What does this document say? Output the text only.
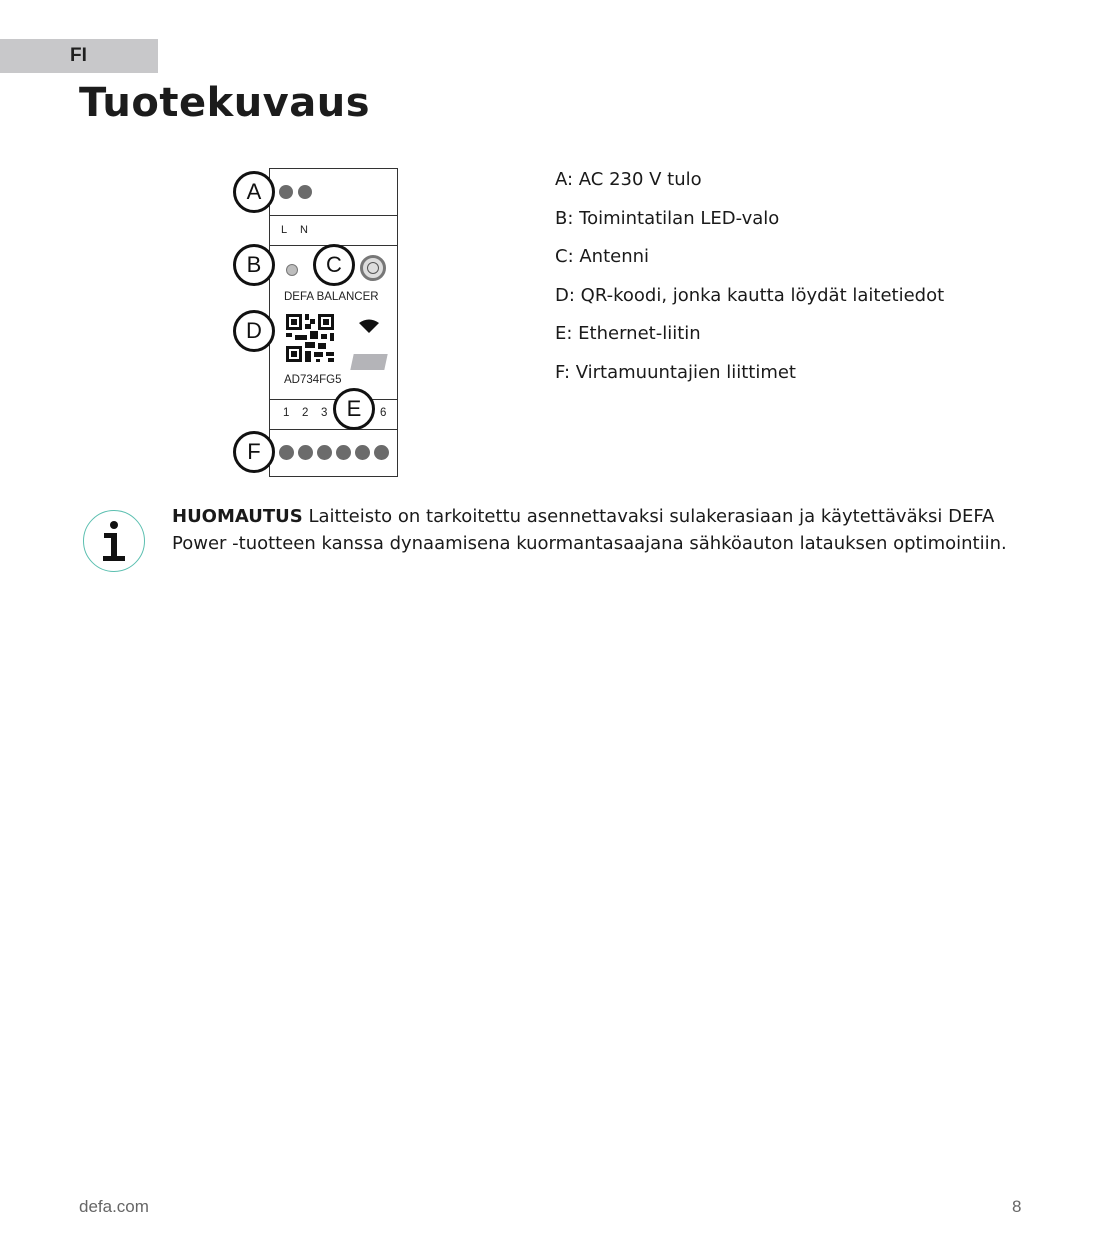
FI
Tuotekuvaus
L N
DEFA BALANCER
AD734FG5
1 2 3	6
A
B	C
D
E
F
A: AC 230 V tulo
B: Toimintatilan LED-valo
C: Antenni
D: QR-koodi, jonka kautta löydät laitetiedot
E: Ethernet-liitin
F: Virtamuuntajien liittimet
HUOMAUTUS Laitteisto on tarkoitettu asennettavaksi sulakerasiaan ja käytettäväksi DEFA Power -tuotteen kanssa dynaamisena kuormantasaajana sähköauton latauksen optimointiin.
defa.com	8
